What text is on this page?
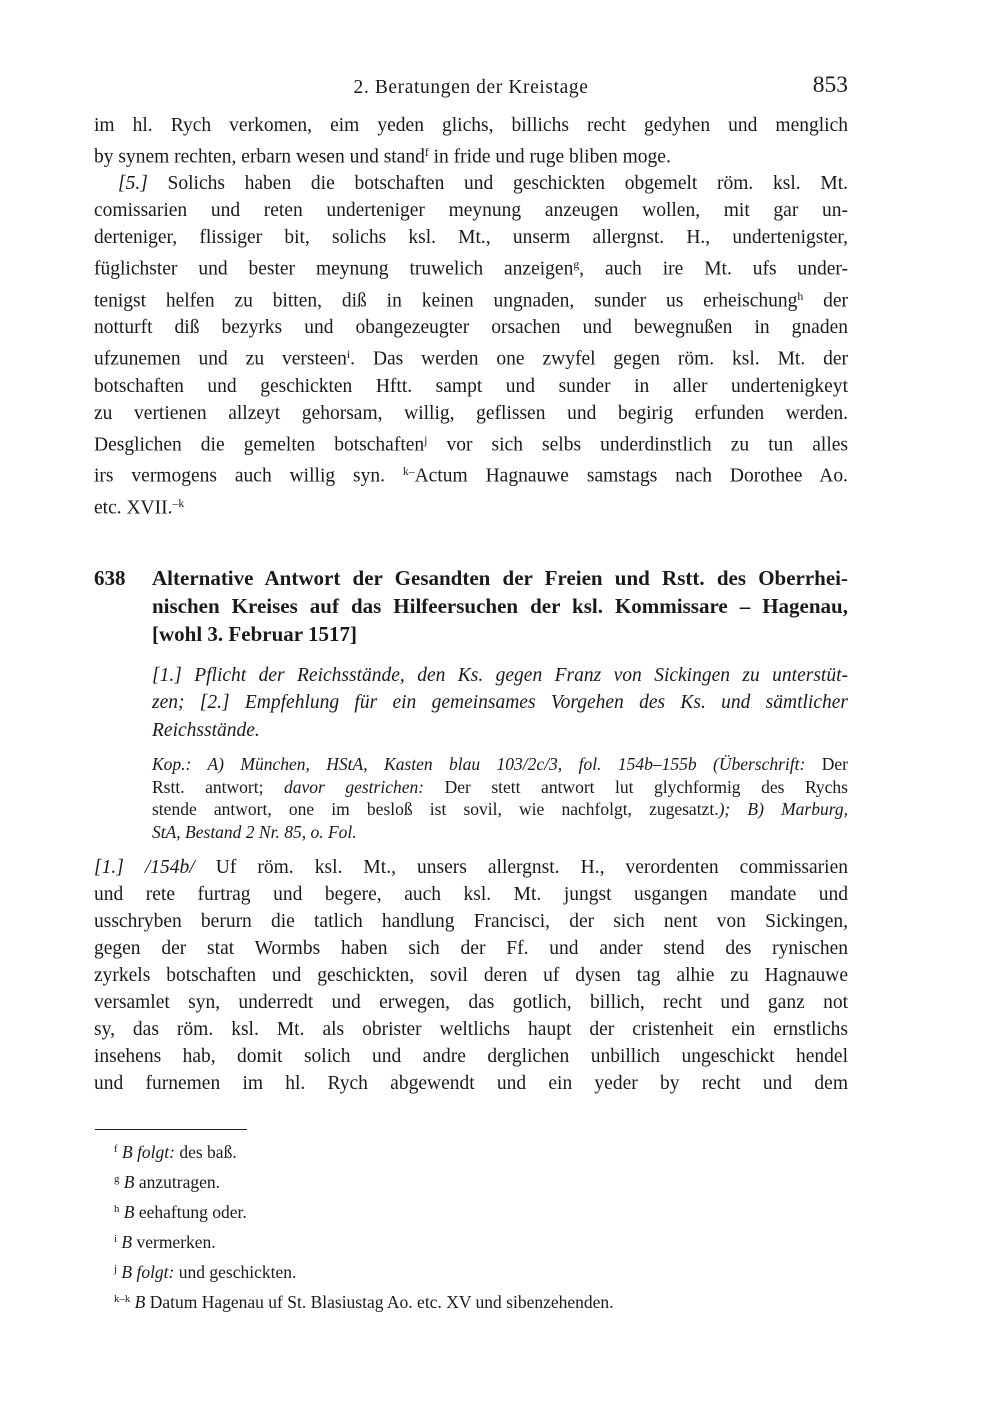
2. Beratungen der Kreistage	853
im hl. Rych verkomen, eim yeden glichs, billichs recht gedyhen und menglich
by synem rechten, erbarn wesen und stand$^f$ in fride und ruge bliben moge.
[5.] Solichs haben die botschaften und geschickten obgemelt röm. ksl. Mt.
comissarien und reten underteniger meynung anzeugen wollen, mit gar un-
derteniger, flissiger bit, solichs ksl. Mt., unserm allergnst. H., undertenigster,
füglichster und bester meynung truwelich anzeigen$^g$, auch ire Mt. ufs under-
tenigst helfen zu bitten, diß in keinen ungnaden, sunder us erheischung$^h$ der
notturft diß bezyrks und obangezeugter orsachen und bewegnußen in gnaden
ufzunemen und zu versteen$^i$. Das werden one zwyfel gegen röm. ksl. Mt. der
botschaften und geschickten Hftt. sampt und sunder in aller undertenigkeyt
zu vertienen allzeyt gehorsam, willig, geflissen und begirig erfunden werden.
Desglichen die gemelten botschaften$^j$ vor sich selbs underdinstlich zu tun alles
irs vermogens auch willig syn. $^{k-}$Actum Hagnauwe samstags nach Dorothee Ao.
etc. XVII.$^{-k}$
638	Alternative Antwort der Gesandten der Freien und Rstt. des Oberrhei-
nischen Kreises auf das Hilfeersuchen der ksl. Kommissare – Hagenau,
[wohl 3. Februar 1517]
[1.] Pflicht der Reichsstände, den Ks. gegen Franz von Sickingen zu unterstüt-
zen; [2.] Empfehlung für ein gemeinsames Vorgehen des Ks. und sämtlicher
Reichsstände.
Kop.: A) München, HStA, Kasten blau 103/2c/3, fol. 154b–155b (Überschrift: Der
Rstt. antwort; davor gestrichen: Der stett antwort lut glychformig des Rychs
stende antwort, one im besloß ist sovil, wie nachfolgt, zugesatzt.); B) Marburg,
StA, Bestand 2 Nr. 85, o. Fol.
[1.] /154b/ Uf röm. ksl. Mt., unsers allergnst. H., verordenten commissarien
und rete furtrag und begere, auch ksl. Mt. jungst usgangen mandate und
usschryben berurn die tatlich handlung Francisci, der sich nent von Sickingen,
gegen der stat Wormbs haben sich der Ff. und ander stend des rynischen
zyrkels botschaften und geschickten, sovil deren uf dysen tag alhie zu Hagnauwe
versamlet syn, underredt und erwegen, das gotlich, billich, recht und ganz not
sy, das röm. ksl. Mt. als obrister weltlichs haupt der cristenheit ein ernstlichs
insehens hab, domit solich und andre derglichen unbillich ungeschickt hendel
und furnemen im hl. Rych abgewendt und ein yeder by recht und dem
$^f$ B folgt: des baß.
$^g$ B anzutragen.
$^h$ B eehaftung oder.
$^i$ B vermerken.
$^j$ B folgt: und geschickten.
$^{k-k}$ B Datum Hagenau uf St. Blasiustag Ao. etc. XV und sibenzehenden.
